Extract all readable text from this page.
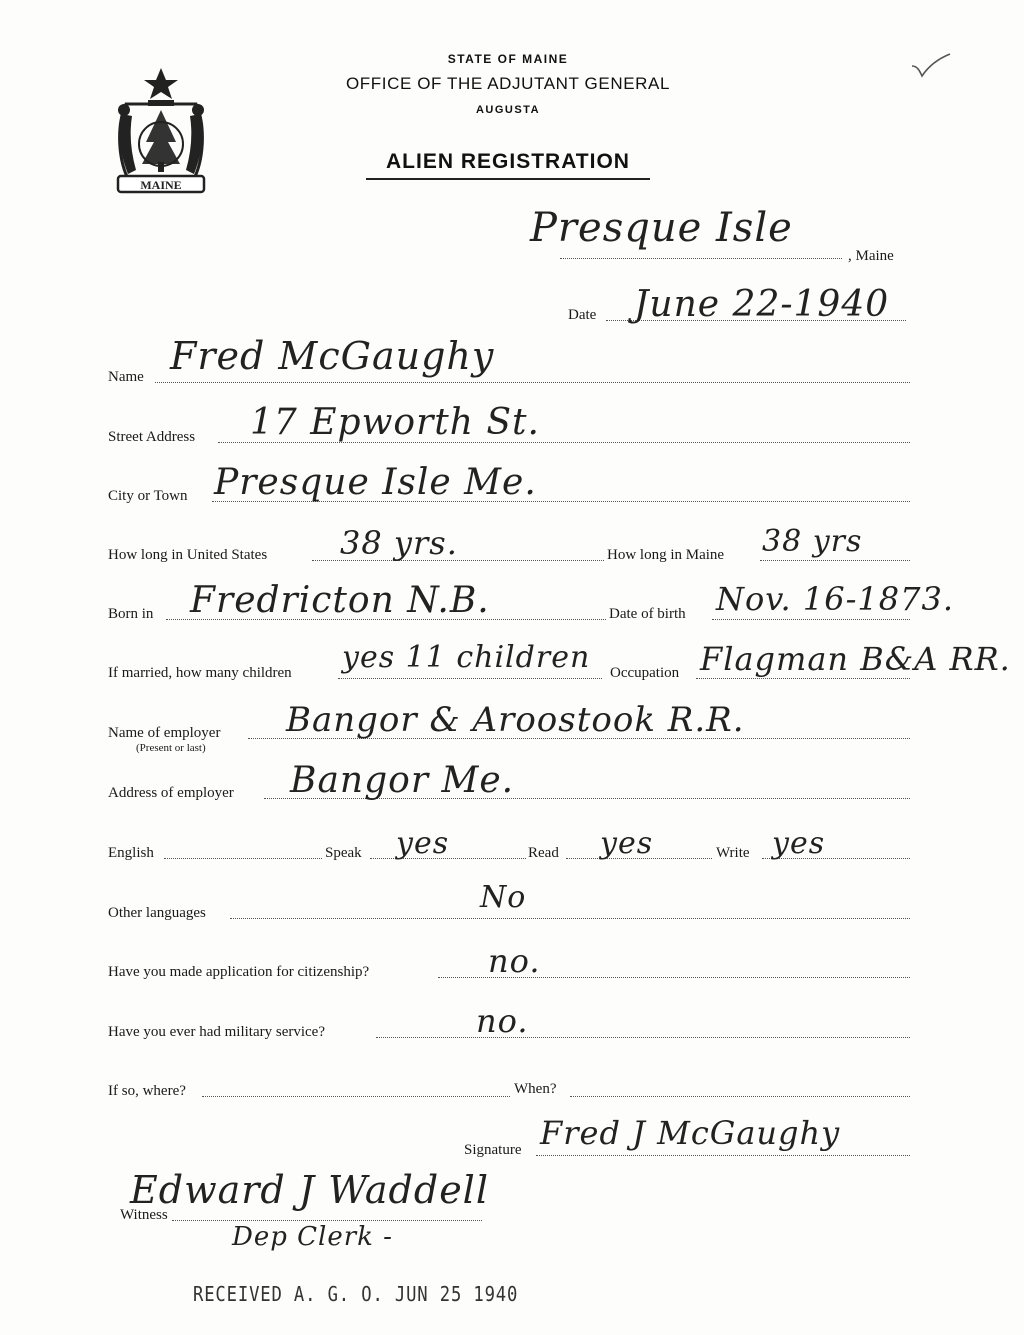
MAINE
STATE OF MAINE
OFFICE OF THE ADJUTANT GENERAL
AUGUSTA
ALIEN REGISTRATION
Presque Isle
, Maine
Date June 22-1940
Name Fred McGaughy
Street Address 17 Epworth St.
City or Town Presque Isle Me.
How long in United States 38 yrs.	How long in Maine 38 yrs
Born in Fredricton N.B.	Date of birth Nov. 16-1873.
If married, how many children yes 11 children Occupation Flagman B&A RR.
Name of employer
(Present or last)
Bangor & Aroostook R.R.
Address of employer Bangor Me.
English	Speak yes	Read yes	Write yes
Other languages	No
Have you made application for citizenship?	no.
Have you ever had military service?	no.
If so, where?	When?
Signature Fred J McGaughy
Witness
Edward J Waddell
Dep Clerk -
RECEIVED A. G. O. JUN 25 1940
